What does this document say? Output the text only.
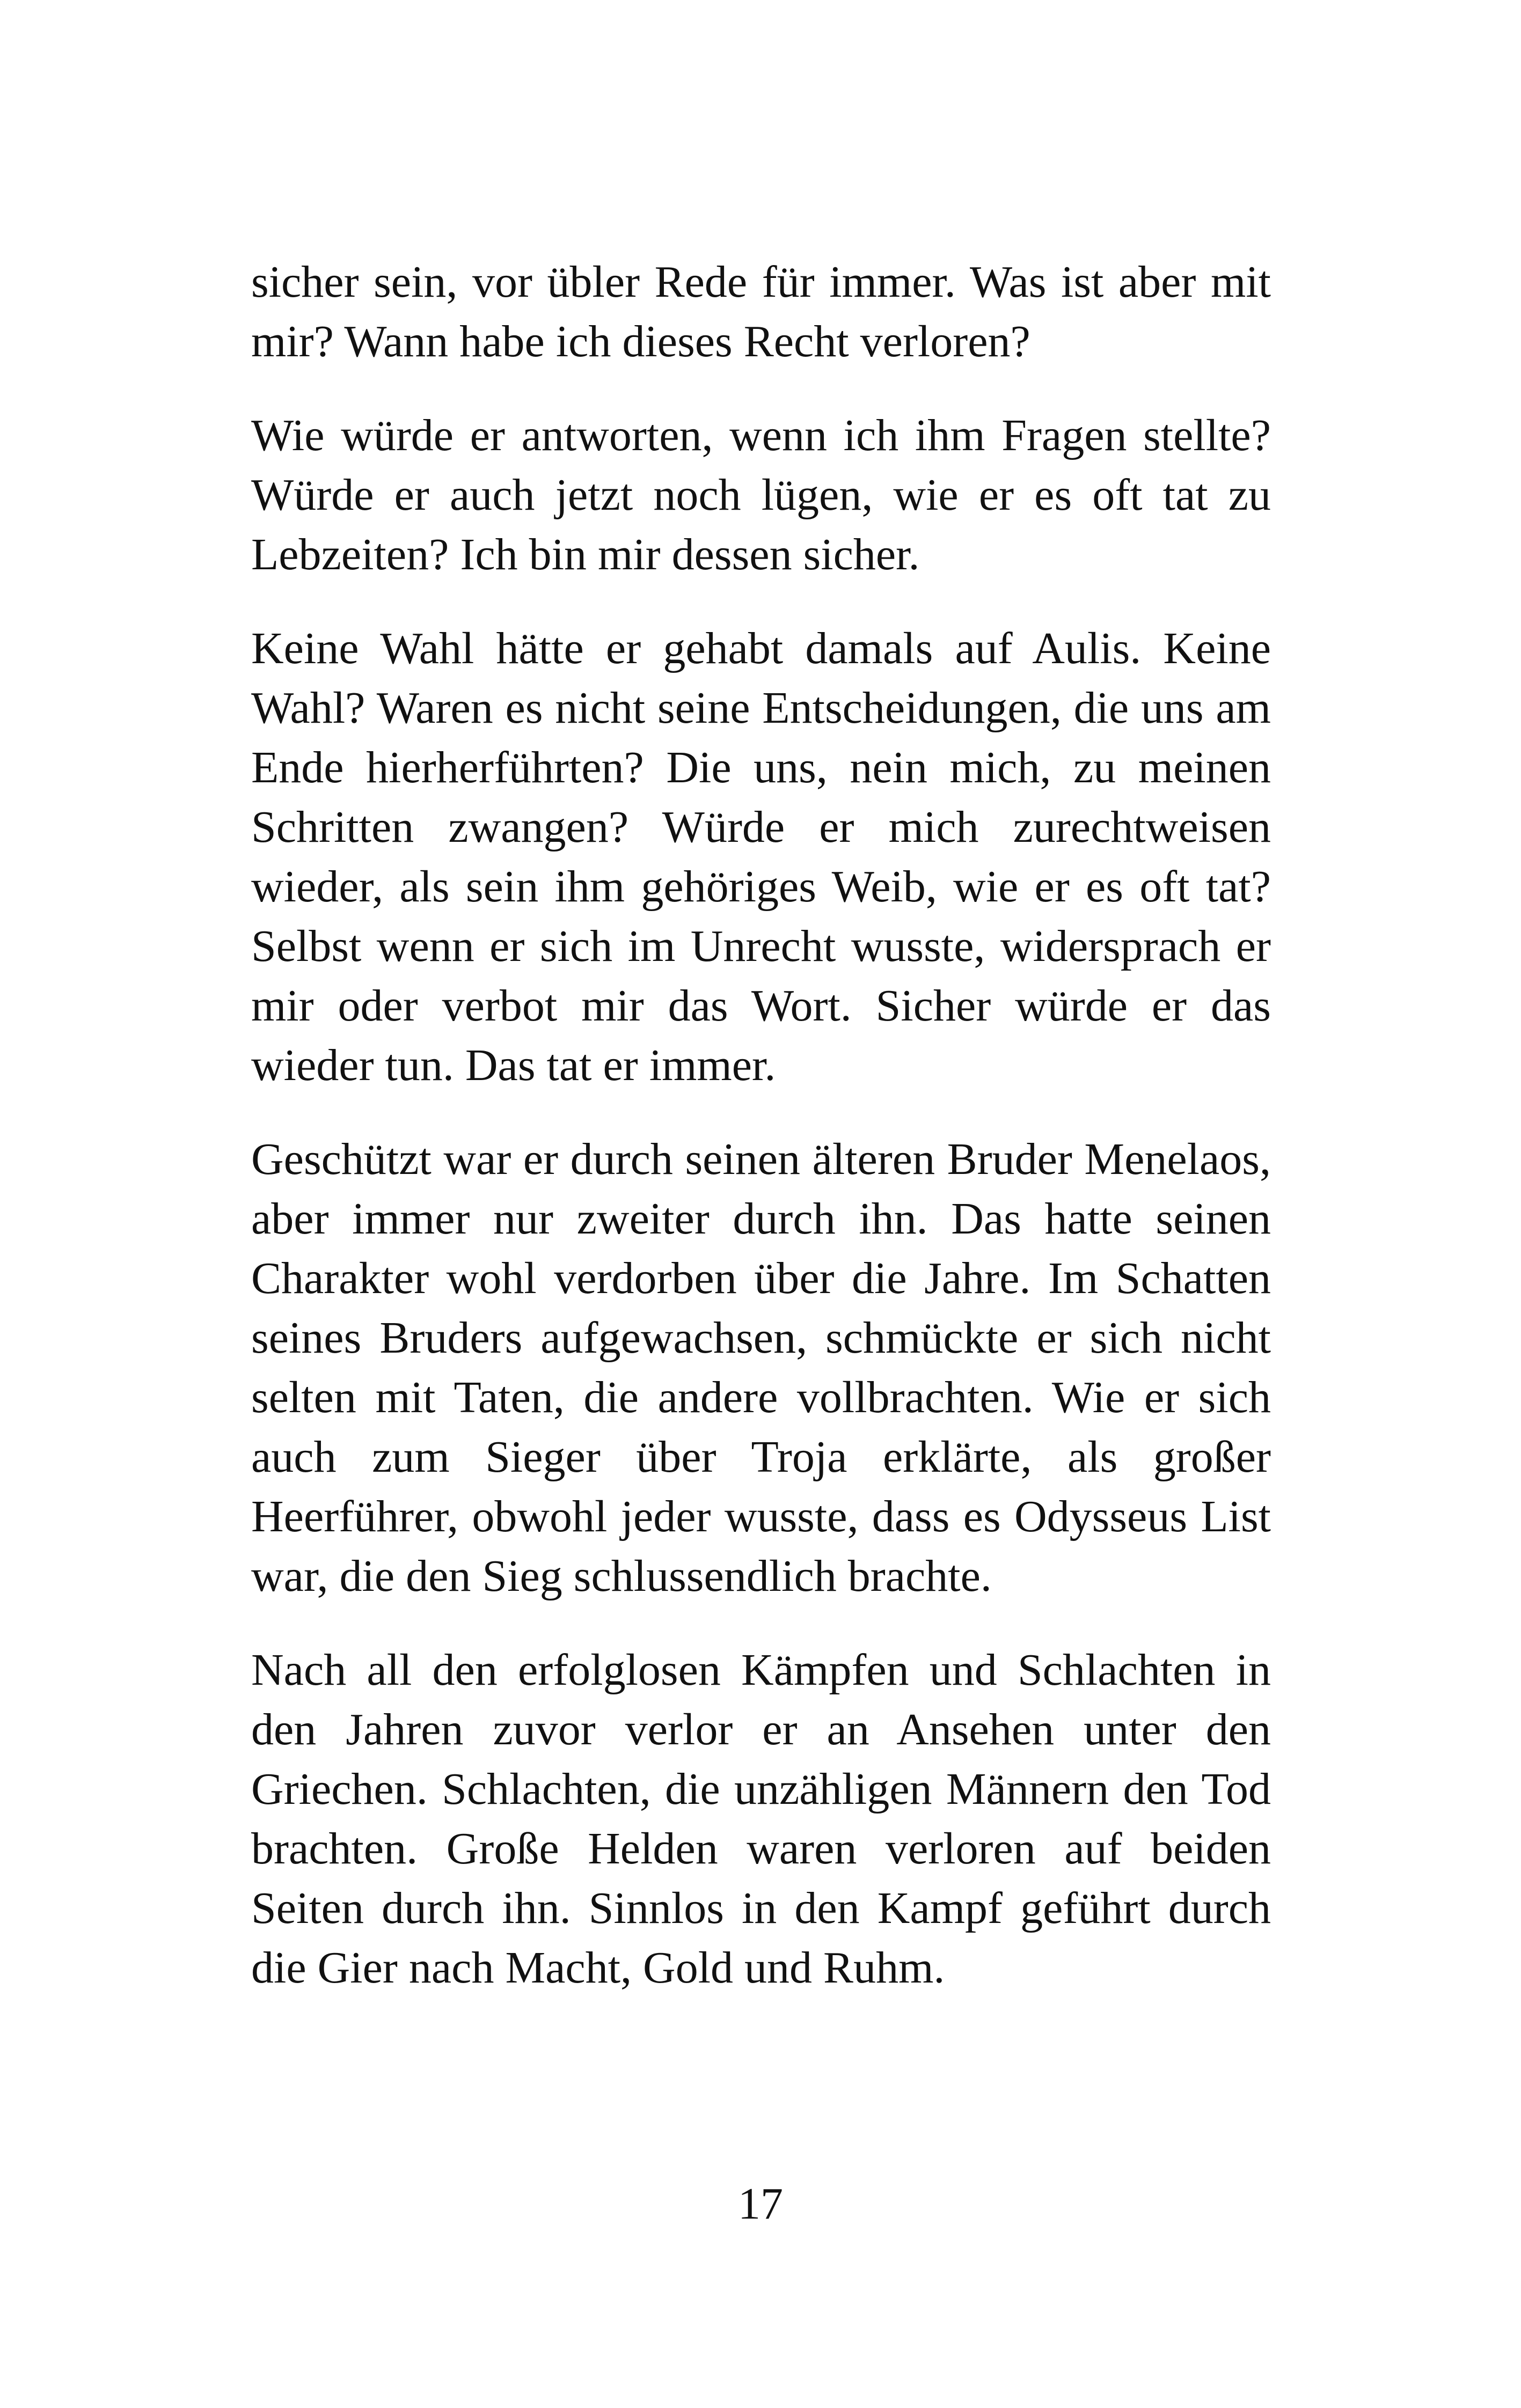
sicher sein, vor übler Rede für immer. Was ist aber mit mir? Wann habe ich dieses Recht verloren?

Wie würde er antworten, wenn ich ihm Fragen stellte? Würde er auch jetzt noch lügen, wie er es oft tat zu Lebzeiten? Ich bin mir dessen sicher.

Keine Wahl hätte er gehabt damals auf Aulis. Keine Wahl? Waren es nicht seine Entscheidungen, die uns am Ende hierherführten? Die uns, nein mich, zu meinen Schritten zwangen? Würde er mich zurechtweisen wieder, als sein ihm gehöriges Weib, wie er es oft tat? Selbst wenn er sich im Unrecht wusste, widersprach er mir oder verbot mir das Wort. Sicher würde er das wieder tun. Das tat er immer.

Geschützt war er durch seinen älteren Bruder Menelaos, aber immer nur zweiter durch ihn. Das hatte seinen Charakter wohl verdorben über die Jahre. Im Schatten seines Bruders aufgewachsen, schmückte er sich nicht selten mit Taten, die andere vollbrachten. Wie er sich auch zum Sieger über Troja erklärte, als großer Heerführer, obwohl jeder wusste, dass es Odysseus List war, die den Sieg schlussendlich brachte.

Nach all den erfolglosen Kämpfen und Schlachten in den Jahren zuvor verlor er an Ansehen unter den Griechen. Schlachten, die unzähligen Männern den Tod brachten. Große Helden waren verloren auf beiden Seiten durch ihn. Sinnlos in den Kampf geführt durch die Gier nach Macht, Gold und Ruhm.

17
